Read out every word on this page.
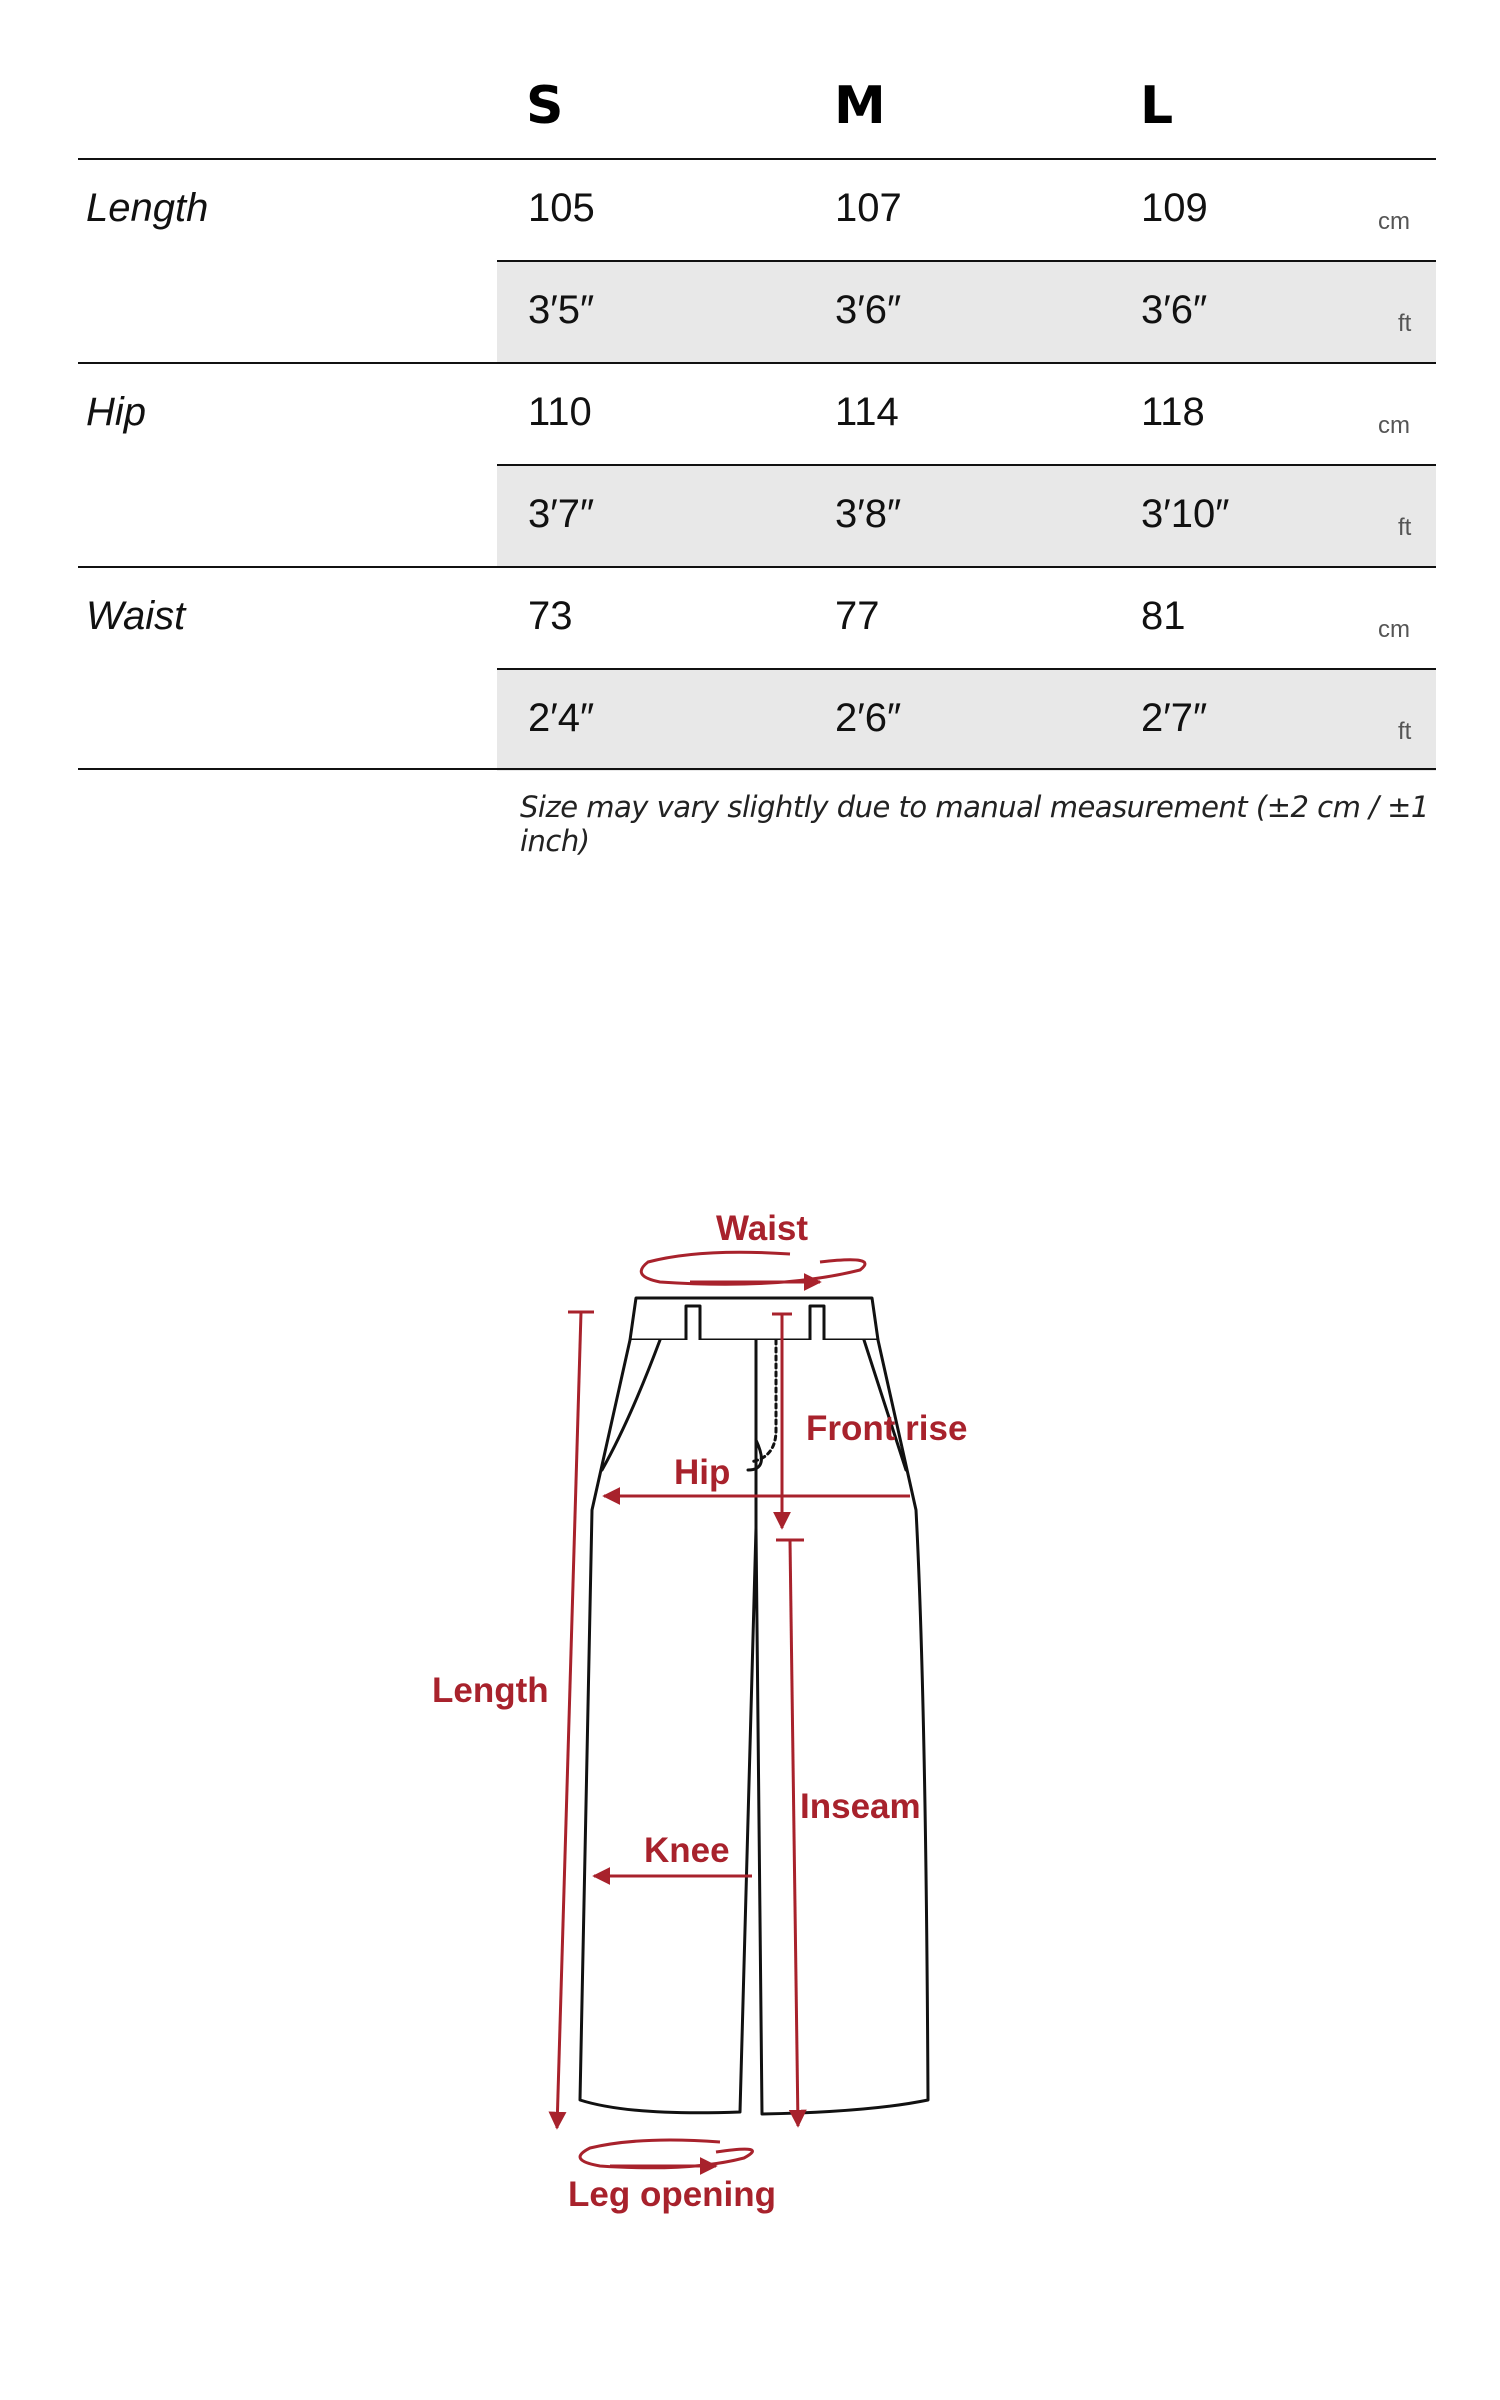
S	M	L
Length	105	107	109	cm
3′5″	3′6″	3′6″	ft
Hip	110	114	118	cm
3′7″	3′8″	3′10″	ft
Waist	73	77	81	cm
2′4″	2′6″	2′7″	ft
Size may vary slightly due to manual measurement (±2 cm / ±1 inch)
Waist
Front rise
Hip
Length
Inseam
Knee
Leg opening
